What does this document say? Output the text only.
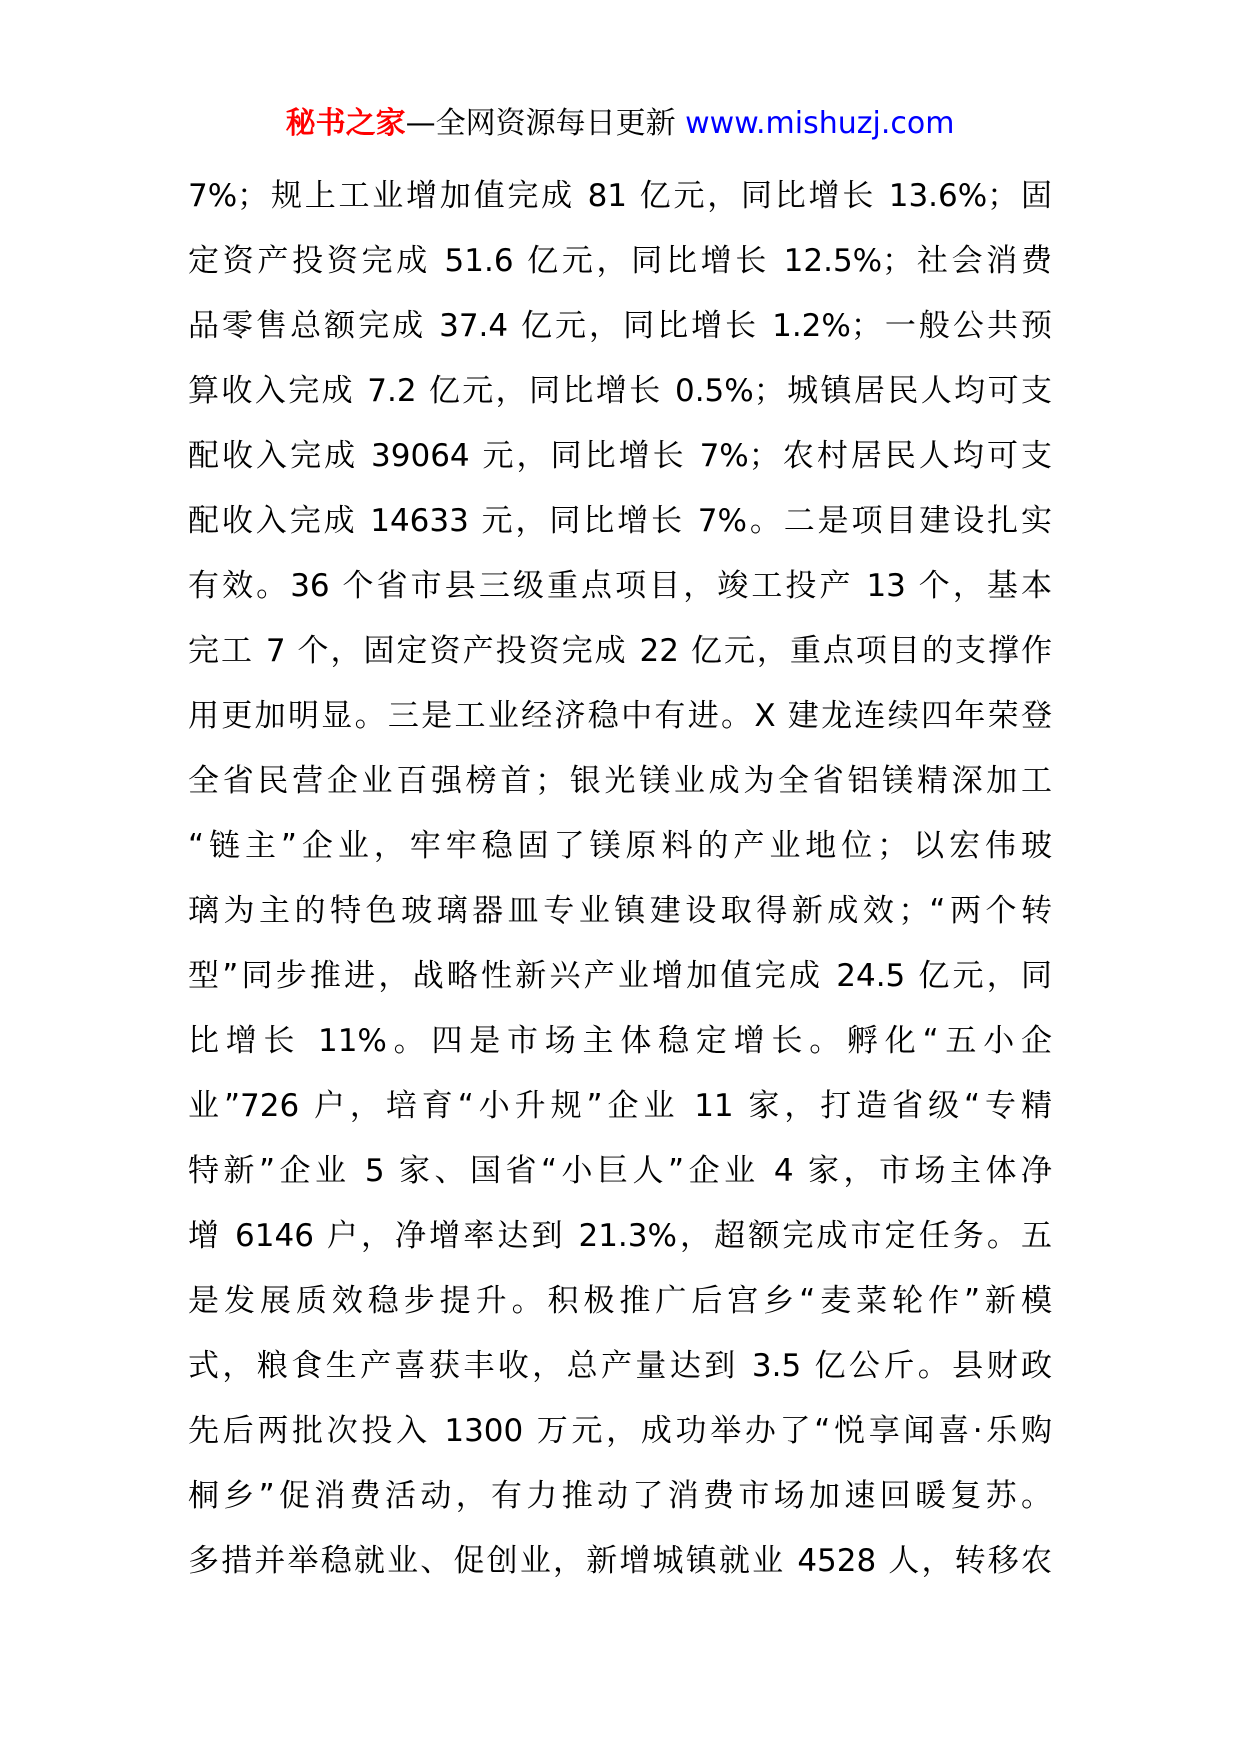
秘书之家—全网资源每日更新 www.mishuzj.com
7%；规上工业增加值完成 81 亿元，同比增长 13.6%；固
定资产投资完成 51.6 亿元，同比增长 12.5%；社会消费
品零售总额完成 37.4 亿元，同比增长 1.2%；一般公共预
算收入完成 7.2 亿元，同比增长 0.5%；城镇居民人均可支
配收入完成 39064 元，同比增长 7%；农村居民人均可支
配收入完成 14633 元，同比增长 7%。二是项目建设扎实
有效。36 个省市县三级重点项目，竣工投产 13 个，基本
完工 7 个，固定资产投资完成 22 亿元，重点项目的支撑作
用更加明显。三是工业经济稳中有进。X 建龙连续四年荣登
全省民营企业百强榜首；银光镁业成为全省铝镁精深加工
“链主”企业，牢牢稳固了镁原料的产业地位；以宏伟玻
璃为主的特色玻璃器皿专业镇建设取得新成效；“两个转
型”同步推进，战略性新兴产业增加值完成 24.5 亿元，同
比增长 11%。四是市场主体稳定增长。孵化“五小企
业”726 户，培育“小升规”企业 11 家，打造省级“专精
特新”企业 5 家、国省“小巨人”企业 4 家，市场主体净
增 6146 户，净增率达到 21.3%，超额完成市定任务。五
是发展质效稳步提升。积极推广后宫乡“麦菜轮作”新模
式，粮食生产喜获丰收，总产量达到 3.5 亿公斤。县财政
先后两批次投入 1300 万元，成功举办了“悦享闻喜·乐购
桐乡”促消费活动，有力推动了消费市场加速回暖复苏。
多措并举稳就业、促创业，新增城镇就业 4528 人，转移农
